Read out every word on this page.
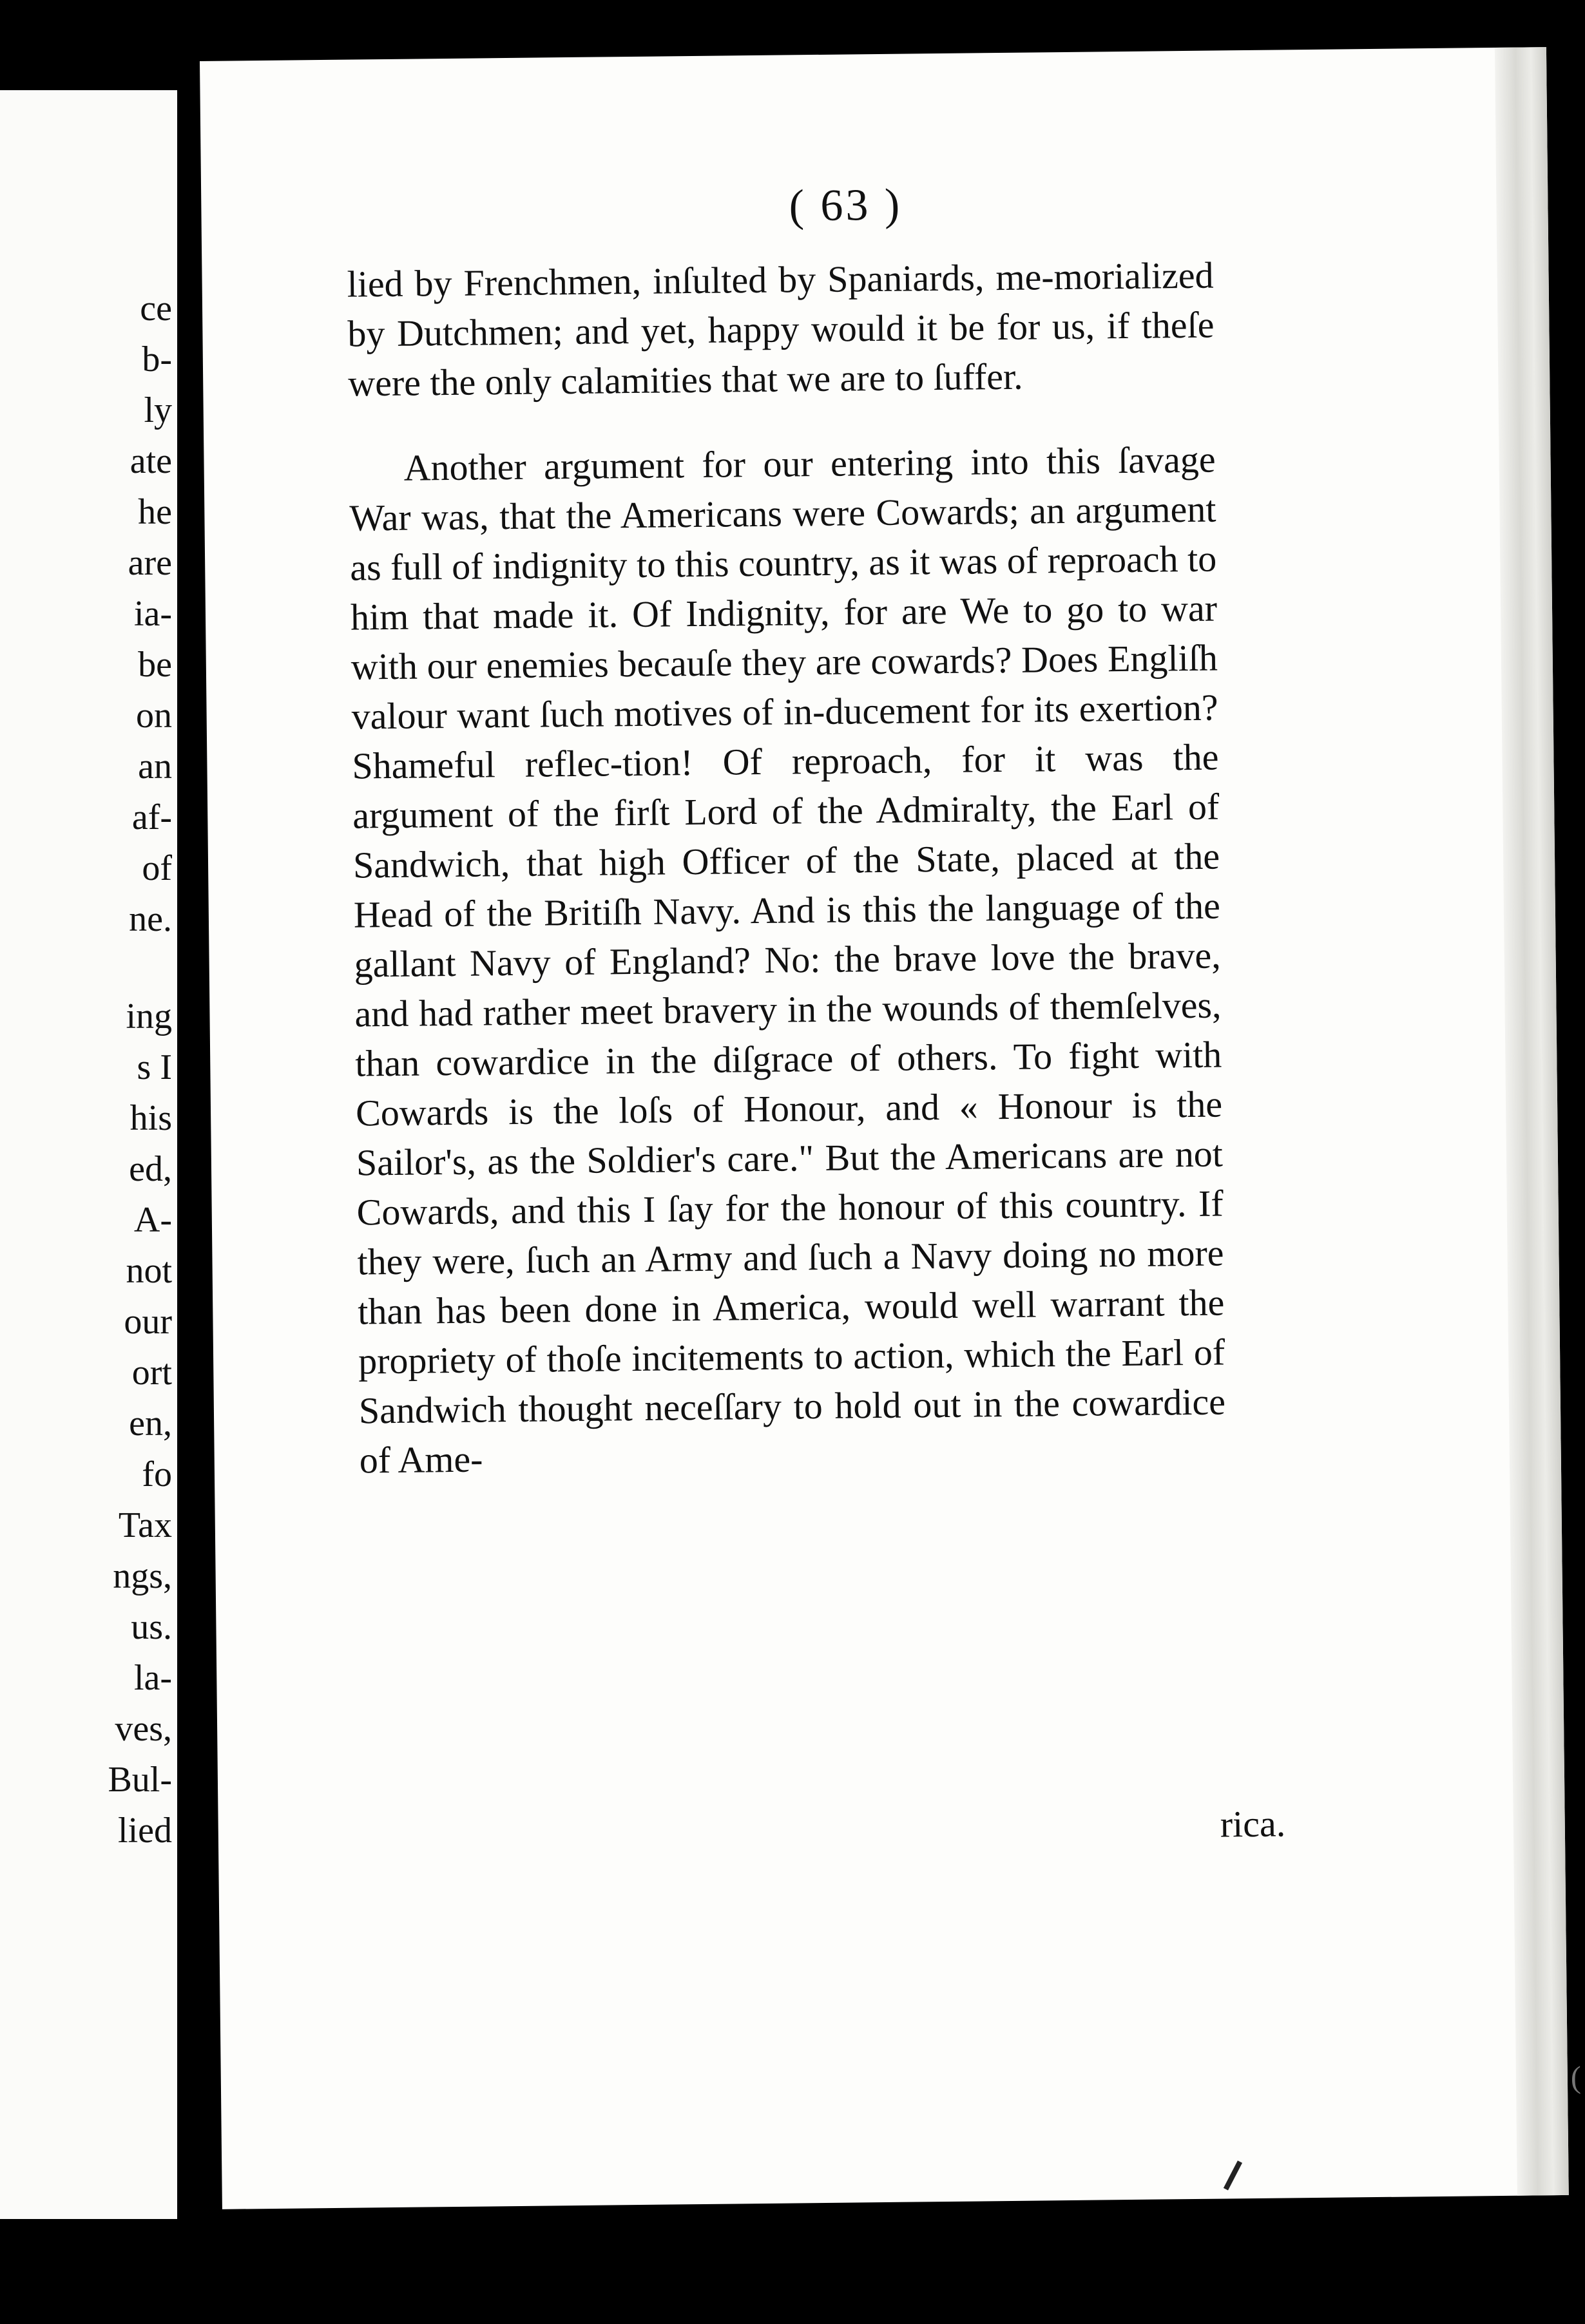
ce
b-
ly
ate
he
are
ia-
be
on
an
af-
of
ne.
ing
s I
his
ed,
A-
not
our
ort
en,
fo
Tax
ngs,
us.
la-
ves,
Bul-
lied
( 63 )

lied by Frenchmen, inſulted by Spaniards, me-morialized by Dutchmen; and yet, happy would it be for us, if theſe were the only calamities that we are to ſuffer.

Another argument for our entering into this ſavage War was, that the Americans were Cowards; an argument as full of indignity to this country, as it was of reproach to him that made it. Of Indignity, for are We to go to war with our enemies becauſe they are cowards? Does Engliſh valour want ſuch motives of in-ducement for its exertion? Shameful reflec-tion! Of reproach, for it was the argument of the firſt Lord of the Admiralty, the Earl of Sandwich, that high Officer of the State, placed at the Head of the Britiſh Navy. And is this the language of the gallant Navy of England? No: the brave love the brave, and had rather meet bravery in the wounds of themſelves, than cowardice in the diſgrace of others. To fight with Cowards is the loſs of Honour, and « Honour is the Sailor's, as the Soldier's care." But the Americans are not Cowards, and this I ſay for the honour of this country. If they were, ſuch an Army and ſuch a Navy doing no more than has been done in America, would well warrant the propriety of thoſe incitements to action, which the Earl of Sandwich thought neceſſary to hold out in the cowardice of Ame-

rica.
(
